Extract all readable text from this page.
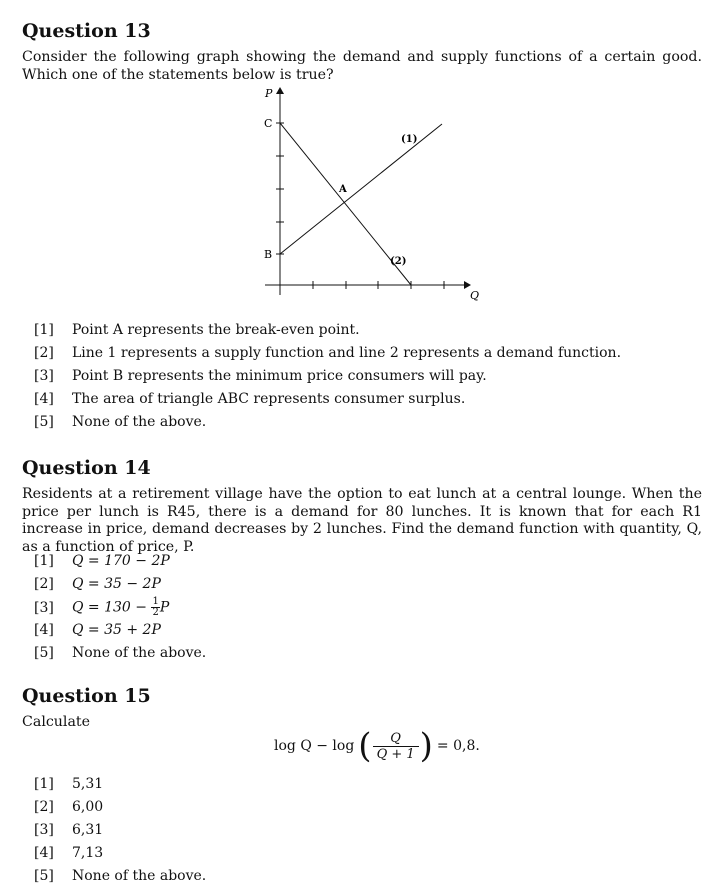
Question 13

Consider the following graph showing the demand and supply functions of a certain good. Which one of the statements below is true?

P
Q
C
B
A
(1)
(2)
[1] Point A represents the break-even point.
[2] Line 1 represents a supply function and line 2 represents a demand function.
[3] Point B represents the minimum price consumers will pay.
[4] The area of triangle ABC represents consumer surplus.
[5] None of the above.
Question 14

Residents at a retirement village have the option to eat lunch at a central lounge. When the price per lunch is R45, there is a demand for 80 lunches. It is known that for each R1 increase in price, demand decreases by 2 lunches. Find the demand function with quantity, Q, as a function of price, P.

[1] Q = 170 − 2P
[2] Q = 35 − 2P
[3] $Q = 130 - \frac{1}{2}$ P
[4] Q = 35 + 2P
[5] None of the above.
Question 15

Calculate

log Q − log (	Q
Q + 1 ) = 0,8.
[1] 5,31
[2] 6,00
[3] 6,31
[4] 7,13
[5] None of the above.
